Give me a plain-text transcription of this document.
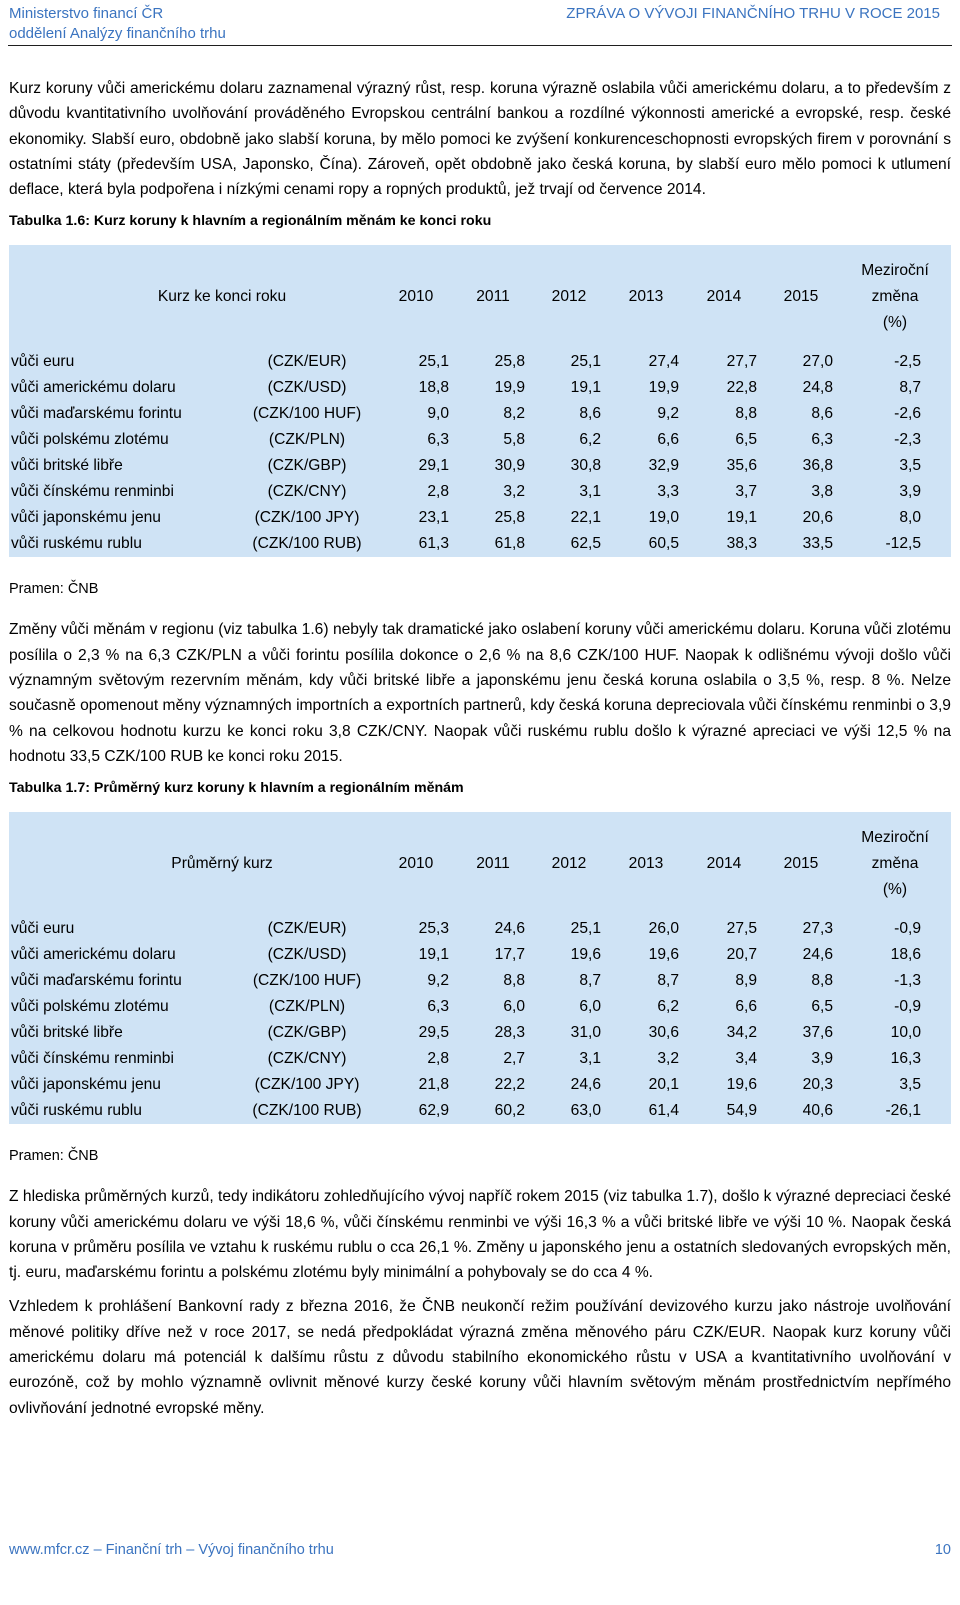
Ministerstvo financí ČR
oddělení Analýzy finančního trhu
ZPRÁVA O VÝVOJI FINANČNÍHO TRHU V ROCE 2015

Kurz koruny vůči americkému dolaru zaznamenal výrazný růst, resp. koruna výrazně oslabila vůči americkému dolaru, a to především z důvodu kvantitativního uvolňování prováděného Evropskou centrální bankou a rozdílné výkonnosti americké a evropské, resp. české ekonomiky. Slabší euro, obdobně jako slabší koruna, by mělo pomoci ke zvýšení konkurenceschopnosti evropských firem v porovnání s ostatními státy (především USA, Japonsko, Čína). Zároveň, opět obdobně jako česká koruna, by slabší euro mělo pomoci k utlumení deflace, která byla podpořena i nízkými cenami ropy a ropných produktů, jež trvají od července 2014.

Tabulka 1.6: Kurz koruny k hlavním a regionálním měnám ke konci roku
Kurz ke konci roku		2010	2011	2012	2013	2014	2015	Meziroční
změna
(%)

vůči euru	(CZK/EUR)	25,1	25,8	25,1	27,4	27,7	27,0	-2,5
vůči americkému dolaru	(CZK/USD)	18,8	19,9	19,1	19,9	22,8	24,8	8,7
vůči maďarskému forintu	(CZK/100 HUF)	9,0	8,2	8,6	9,2	8,8	8,6	-2,6
vůči polskému zlotému	(CZK/PLN)	6,3	5,8	6,2	6,6	6,5	6,3	-2,3
vůči britské libře	(CZK/GBP)	29,1	30,9	30,8	32,9	35,6	36,8	3,5
vůči čínskému renminbi	(CZK/CNY)	2,8	3,2	3,1	3,3	3,7	3,8	3,9
vůči japonskému jenu	(CZK/100 JPY)	23,1	25,8	22,1	19,0	19,1	20,6	8,0
vůči ruskému rublu	(CZK/100 RUB)	61,3	61,8	62,5	60,5	38,3	33,5	-12,5
Pramen: ČNB

Změny vůči měnám v regionu (viz tabulka 1.6) nebyly tak dramatické jako oslabení koruny vůči americkému dolaru. Koruna vůči zlotému posílila o 2,3 % na 6,3 CZK/PLN a vůči forintu posílila dokonce o 2,6 % na 8,6 CZK/100 HUF. Naopak k odlišnému vývoji došlo vůči významným světovým rezervním měnám, kdy vůči britské libře a japonskému jenu česká koruna oslabila o 3,5 %, resp. 8 %. Nelze současně opomenout měny významných importních a exportních partnerů, kdy česká koruna depreciovala vůči čínskému renminbi o 3,9 % na celkovou hodnotu kurzu ke konci roku 3,8 CZK/CNY. Naopak vůči ruskému rublu došlo k výrazné apreciaci ve výši 12,5 % na hodnotu 33,5 CZK/100 RUB ke konci roku 2015.

Tabulka 1.7: Průměrný kurz koruny k hlavním a regionálním měnám
Průměrný kurz		2010	2011	2012	2013	2014	2015	Meziroční
změna
(%)

vůči euru	(CZK/EUR)	25,3	24,6	25,1	26,0	27,5	27,3	-0,9
vůči americkému dolaru	(CZK/USD)	19,1	17,7	19,6	19,6	20,7	24,6	18,6
vůči maďarskému forintu	(CZK/100 HUF)	9,2	8,8	8,7	8,7	8,9	8,8	-1,3
vůči polskému zlotému	(CZK/PLN)	6,3	6,0	6,0	6,2	6,6	6,5	-0,9
vůči britské libře	(CZK/GBP)	29,5	28,3	31,0	30,6	34,2	37,6	10,0
vůči čínskému renminbi	(CZK/CNY)	2,8	2,7	3,1	3,2	3,4	3,9	16,3
vůči japonskému jenu	(CZK/100 JPY)	21,8	22,2	24,6	20,1	19,6	20,3	3,5
vůči ruskému rublu	(CZK/100 RUB)	62,9	60,2	63,0	61,4	54,9	40,6	-26,1
Pramen: ČNB

Z hlediska průměrných kurzů, tedy indikátoru zohledňujícího vývoj napříč rokem 2015 (viz tabulka 1.7), došlo k výrazné depreciaci české koruny vůči americkému dolaru ve výši 18,6 %, vůči čínskému renminbi ve výši 16,3 % a vůči britské libře ve výši 10 %. Naopak česká koruna v průměru posílila ve vztahu k ruskému rublu o cca 26,1 %. Změny u japonského jenu a ostatních sledovaných evropských měn, tj. euru, maďarskému forintu a polskému zlotému byly minimální a pohybovaly se do cca 4 %.

Vzhledem k prohlášení Bankovní rady z března 2016, že ČNB neukončí režim používání devizového kurzu jako nástroje uvolňování měnové politiky dříve než v roce 2017, se nedá předpokládat výrazná změna měnového páru CZK/EUR. Naopak kurz koruny vůči americkému dolaru má potenciál k dalšímu růstu z důvodu stabilního ekonomického růstu v USA a kvantitativního uvolňování v eurozóně, což by mohlo významně ovlivnit měnové kurzy české koruny vůči hlavním světovým měnám prostřednictvím nepřímého ovlivňování jednotné evropské měny.

www.mfcr.cz – Finanční trh – Vývoj finančního trhu	10
